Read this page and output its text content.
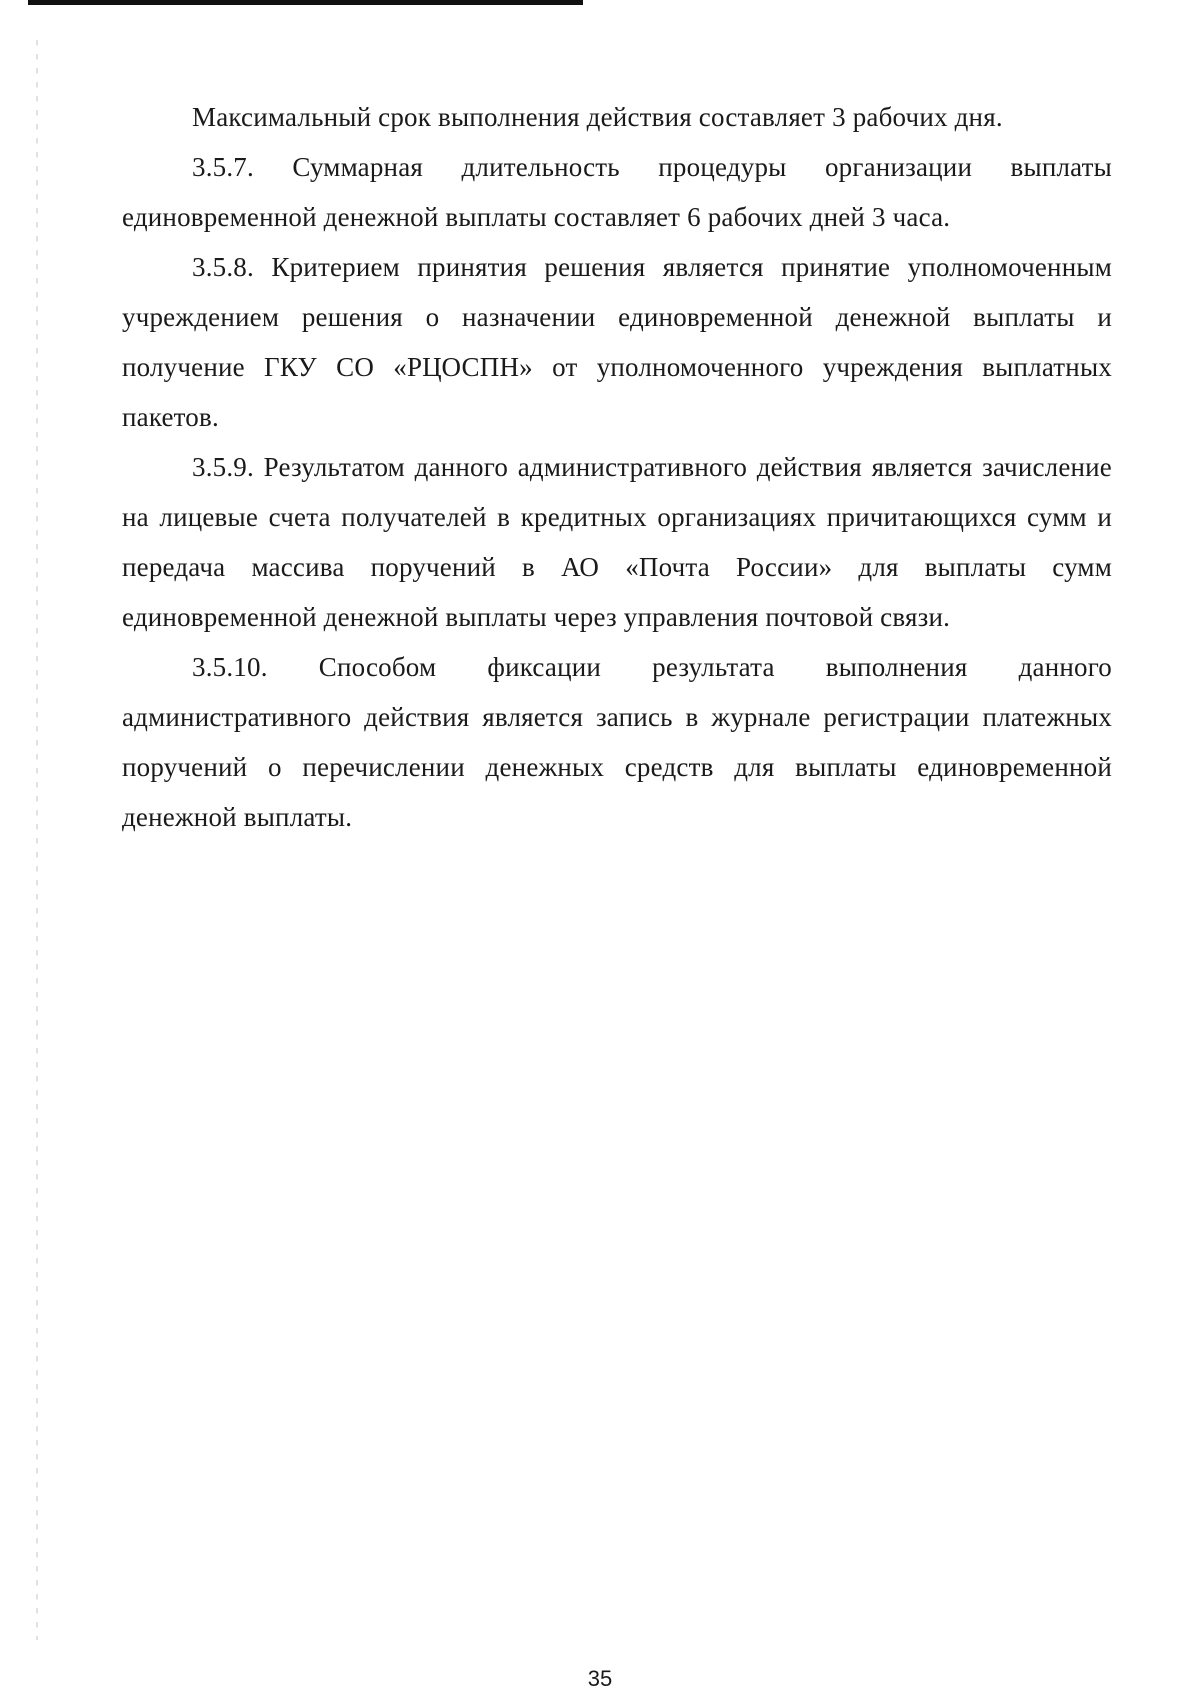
Максимальный срок выполнения действия составляет 3 рабочих дня.

3.5.7. Суммарная длительность процедуры организации выплаты единовременной денежной выплаты составляет 6 рабочих дней 3 часа.

3.5.8. Критерием принятия решения является принятие уполномоченным учреждением решения о назначении единовременной денежной выплаты и получение ГКУ СО «РЦОСПН» от уполномоченного учреждения выплатных пакетов.

3.5.9. Результатом данного административного действия является зачисление на лицевые счета получателей в кредитных организациях причитающихся сумм и передача массива поручений в АО «Почта России» для выплаты сумм единовременной денежной выплаты через управления почтовой связи.

3.5.10. Способом фиксации результата выполнения данного административного действия является запись в журнале регистрации платежных поручений о перечислении денежных средств для выплаты единовременной денежной выплаты.

35
